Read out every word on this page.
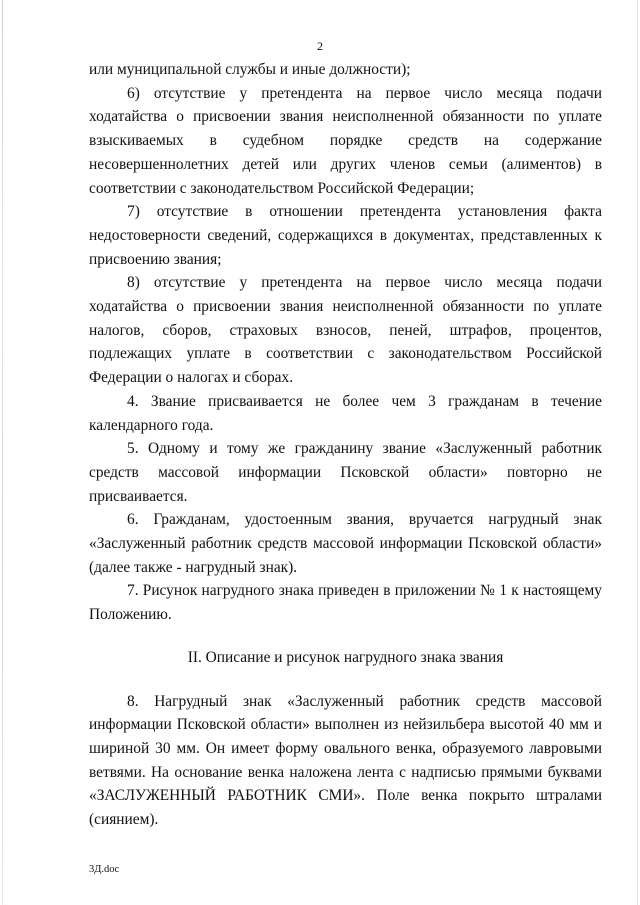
2

или муниципальной службы и иные должности);

6) отсутствие у претендента на первое число месяца подачи ходатайства о присвоении звания неисполненной обязанности по уплате взыскиваемых в судебном порядке средств на содержание несовершеннолетних детей или других членов семьи (алиментов) в соответствии с законодательством Российской Федерации;

7) отсутствие в отношении претендента установления факта недостоверности сведений, содержащихся в документах, представленных к присвоению звания;

8) отсутствие у претендента на первое число месяца подачи ходатайства о присвоении звания неисполненной обязанности по уплате налогов, сборов, страховых взносов, пеней, штрафов, процентов, подлежащих уплате в соответствии с законодательством Российской Федерации о налогах и сборах.

4. Звание присваивается не более чем 3 гражданам в течение календарного года.

5. Одному и тому же гражданину звание «Заслуженный работник средств массовой информации Псковской области» повторно не присваивается.

6. Гражданам, удостоенным звания, вручается нагрудный знак «Заслуженный работник средств массовой информации Псковской области» (далее также - нагрудный знак).

7. Рисунок нагрудного знака приведен в приложении № 1 к настоящему Положению.

II. Описание и рисунок нагрудного знака звания

8. Нагрудный знак «Заслуженный работник средств массовой информации Псковской области» выполнен из нейзильбера высотой 40 мм и шириной 30 мм. Он имеет форму овального венка, образуемого лавровыми ветвями. На основание венка наложена лента с надписью прямыми буквами «ЗАСЛУЖЕННЫЙ РАБОТНИК СМИ». Поле венка покрыто штралами (сиянием).

3Д.doc
